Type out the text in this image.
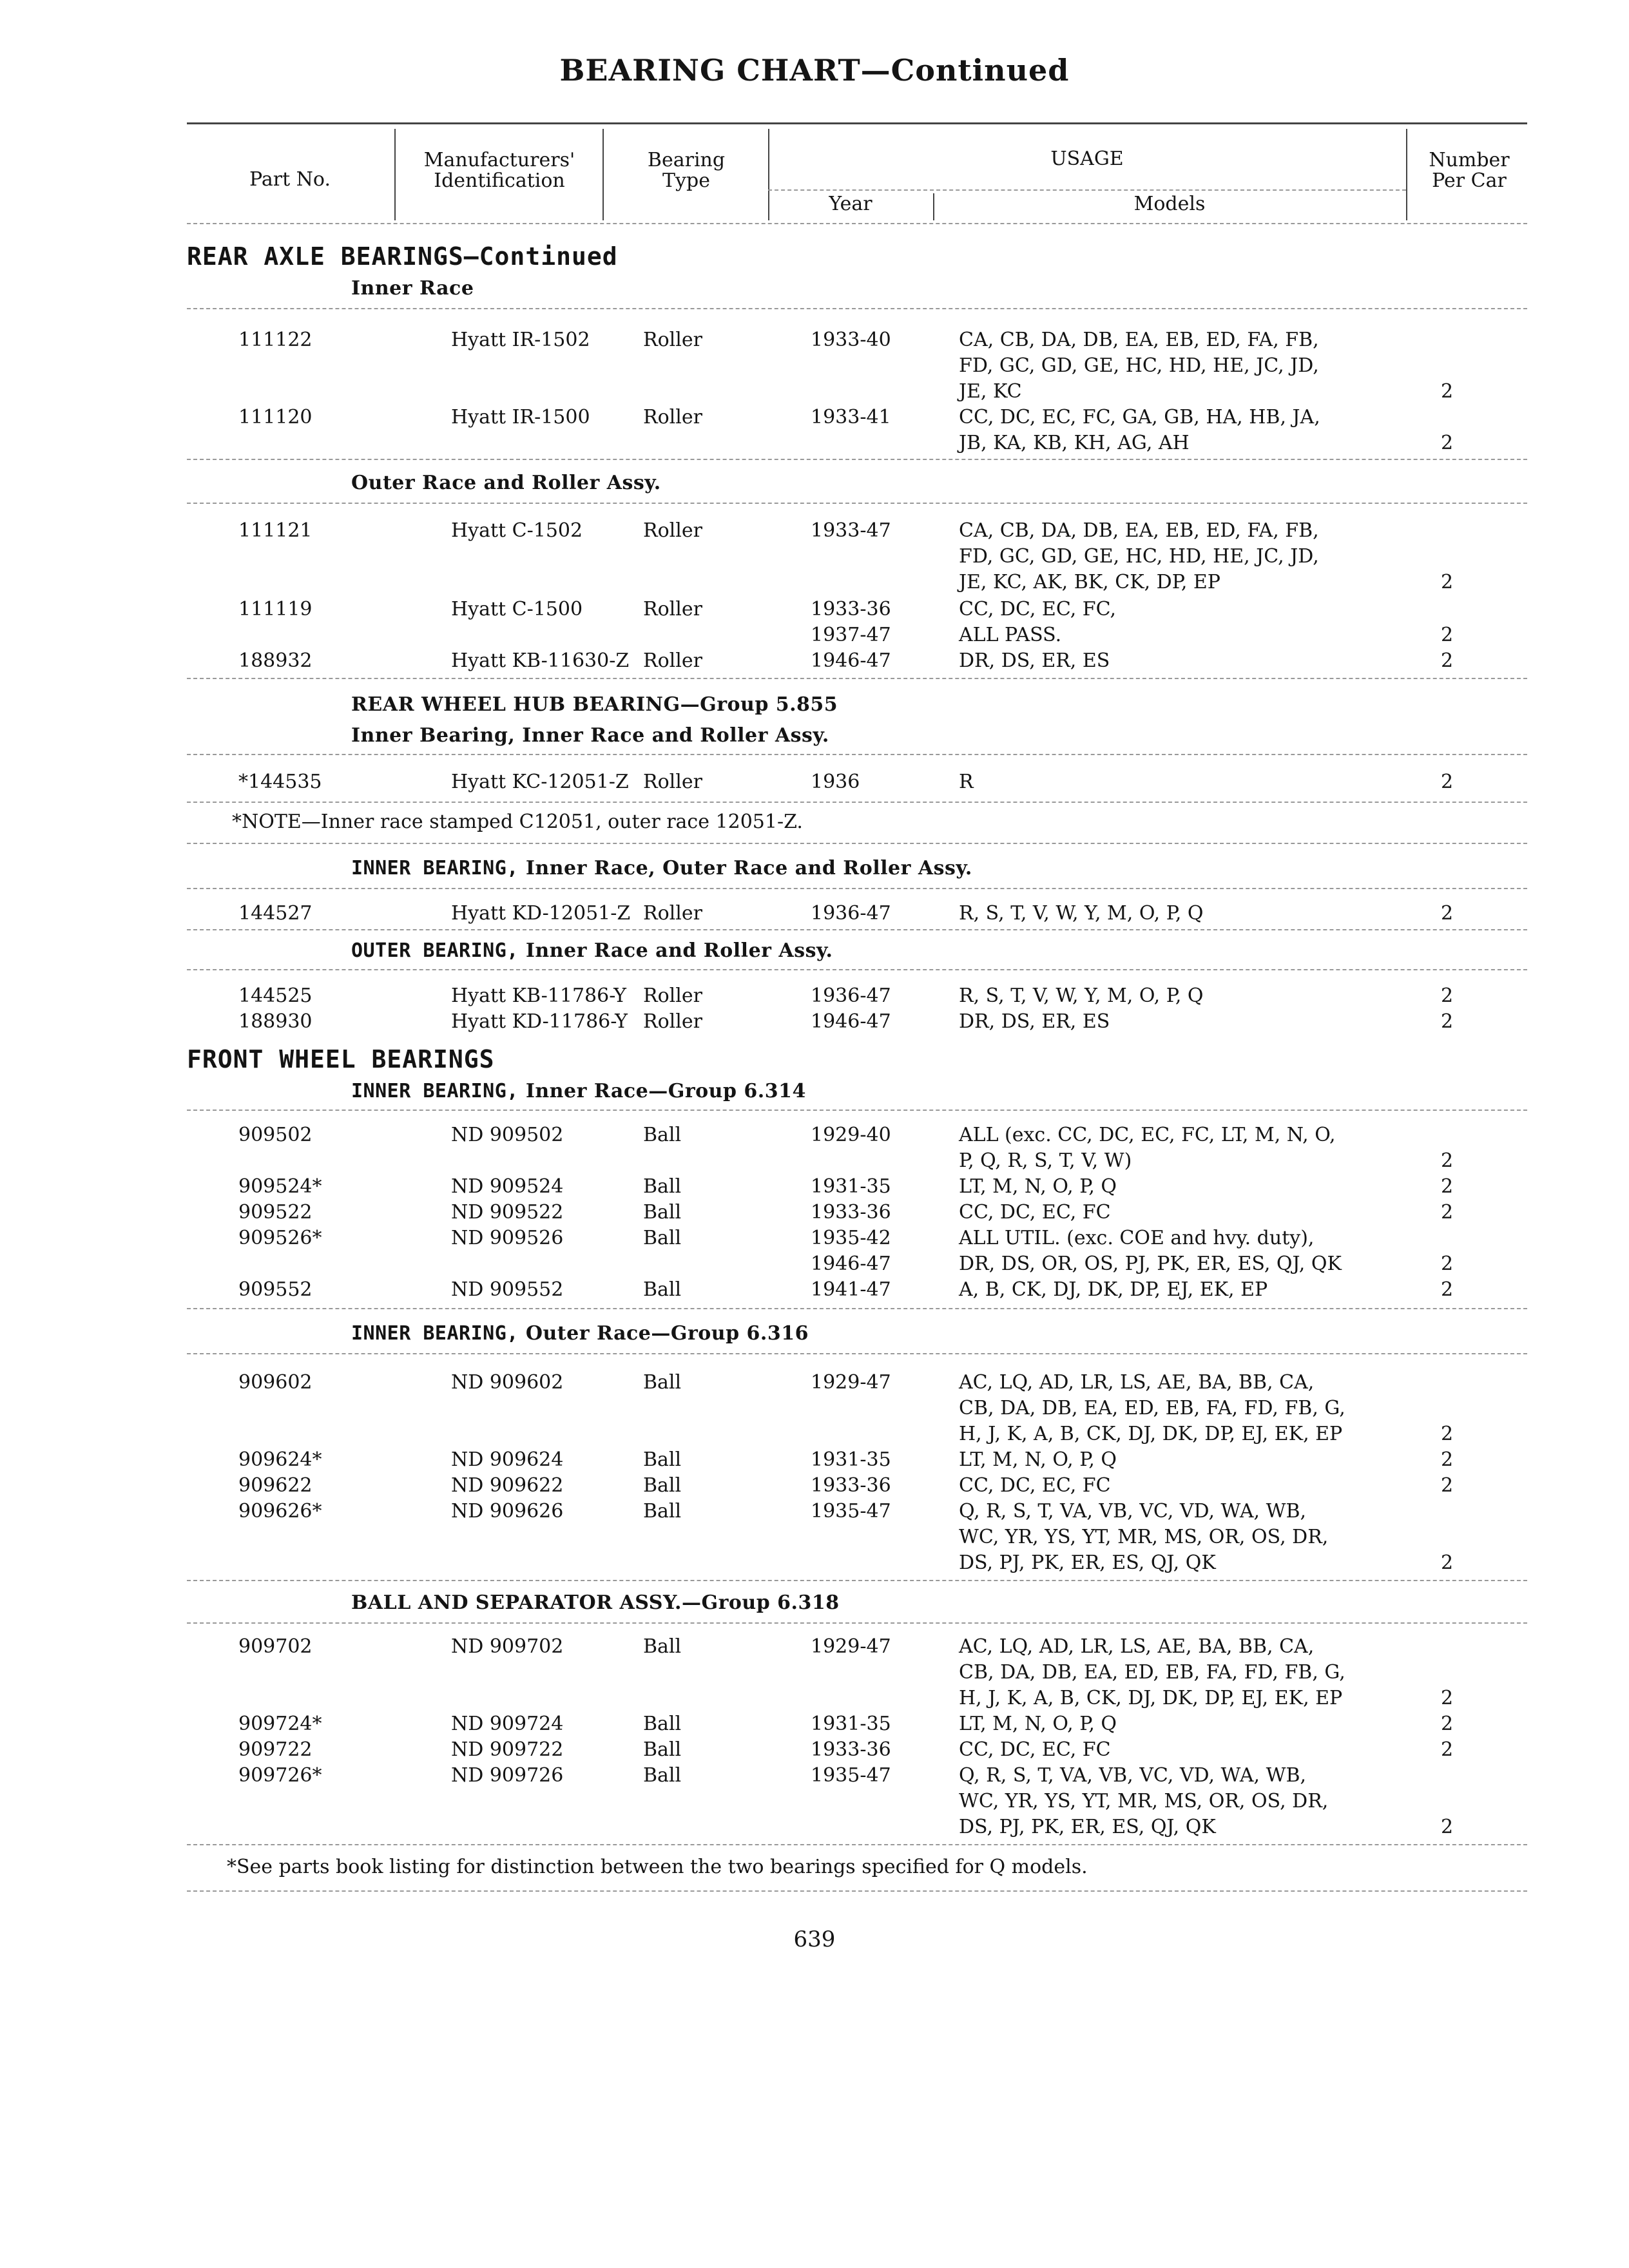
BEARING CHART—Continued
Part No.
Manufacturers'
Identification
Bearing
Type
USAGE
Year	Models
Number
Per Car
REAR AXLE BEARINGS—Continued
Inner Race
111122	Hyatt IR-1502	Roller	1933-40	CA, CB, DA, DB, EA, EB, ED, FA, FB,
FD, GC, GD, GE, HC, HD, HE, JC, JD,
JE, KC	2
111120	Hyatt IR-1500	Roller	1933-41	CC, DC, EC, FC, GA, GB, HA, HB, JA,
JB, KA, KB, KH, AG, AH	2
Outer Race and Roller Assy.
111121	Hyatt C-1502	Roller	1933-47	CA, CB, DA, DB, EA, EB, ED, FA, FB,
FD, GC, GD, GE, HC, HD, HE, JC, JD,
JE, KC, AK, BK, CK, DP, EP	2
111119	Hyatt C-1500	Roller	1933-36	CC, DC, EC, FC,
1937-47	ALL PASS.	2
188932	Hyatt KB-11630-Z Roller	1946-47	DR, DS, ER, ES	2
REAR WHEEL HUB BEARING—Group 5.855
Inner Bearing, Inner Race and Roller Assy.
*144535	Hyatt KC-12051-Z Roller	1936	R	2
*NOTE—Inner race stamped C12051, outer race 12051-Z.
INNER BEARING, Inner Race, Outer Race and Roller Assy.
144527	Hyatt KD-12051-Z Roller	1936-47	R, S, T, V, W, Y, M, O, P, Q	2
OUTER BEARING, Inner Race and Roller Assy.
144525	Hyatt KB-11786-Y Roller	1936-47	R, S, T, V, W, Y, M, O, P, Q	2
188930	Hyatt KD-11786-Y Roller	1946-47	DR, DS, ER, ES	2
FRONT WHEEL BEARINGS
INNER BEARING, Inner Race—Group 6.314
909502	ND 909502	Ball	1929-40	ALL (exc. CC, DC, EC, FC, LT, M, N, O,
P, Q, R, S, T, V, W)	2
909524*	ND 909524	Ball	1931-35	LT, M, N, O, P, Q	2
909522	ND 909522	Ball	1933-36	CC, DC, EC, FC	2
909526*	ND 909526	Ball	1935-42	ALL UTIL. (exc. COE and hvy. duty),
1946-47	DR, DS, OR, OS, PJ, PK, ER, ES, QJ, QK	2
909552	ND 909552	Ball	1941-47	A, B, CK, DJ, DK, DP, EJ, EK, EP	2
INNER BEARING, Outer Race—Group 6.316
909602	ND 909602	Ball	1929-47	AC, LQ, AD, LR, LS, AE, BA, BB, CA,
CB, DA, DB, EA, ED, EB, FA, FD, FB, G,
H, J, K, A, B, CK, DJ, DK, DP, EJ, EK, EP	2
909624*	ND 909624	Ball	1931-35	LT, M, N, O, P, Q	2
909622	ND 909622	Ball	1933-36	CC, DC, EC, FC	2
909626*	ND 909626	Ball	1935-47	Q, R, S, T, VA, VB, VC, VD, WA, WB,
WC, YR, YS, YT, MR, MS, OR, OS, DR,
DS, PJ, PK, ER, ES, QJ, QK	2
BALL AND SEPARATOR ASSY.—Group 6.318
909702	ND 909702	Ball	1929-47	AC, LQ, AD, LR, LS, AE, BA, BB, CA,
CB, DA, DB, EA, ED, EB, FA, FD, FB, G,
H, J, K, A, B, CK, DJ, DK, DP, EJ, EK, EP	2
909724*	ND 909724	Ball	1931-35	LT, M, N, O, P, Q	2
909722	ND 909722	Ball	1933-36	CC, DC, EC, FC	2
909726*	ND 909726	Ball	1935-47	Q, R, S, T, VA, VB, VC, VD, WA, WB,
WC, YR, YS, YT, MR, MS, OR, OS, DR,
DS, PJ, PK, ER, ES, QJ, QK	2
*See parts book listing for distinction between the two bearings specified for Q models.
639
